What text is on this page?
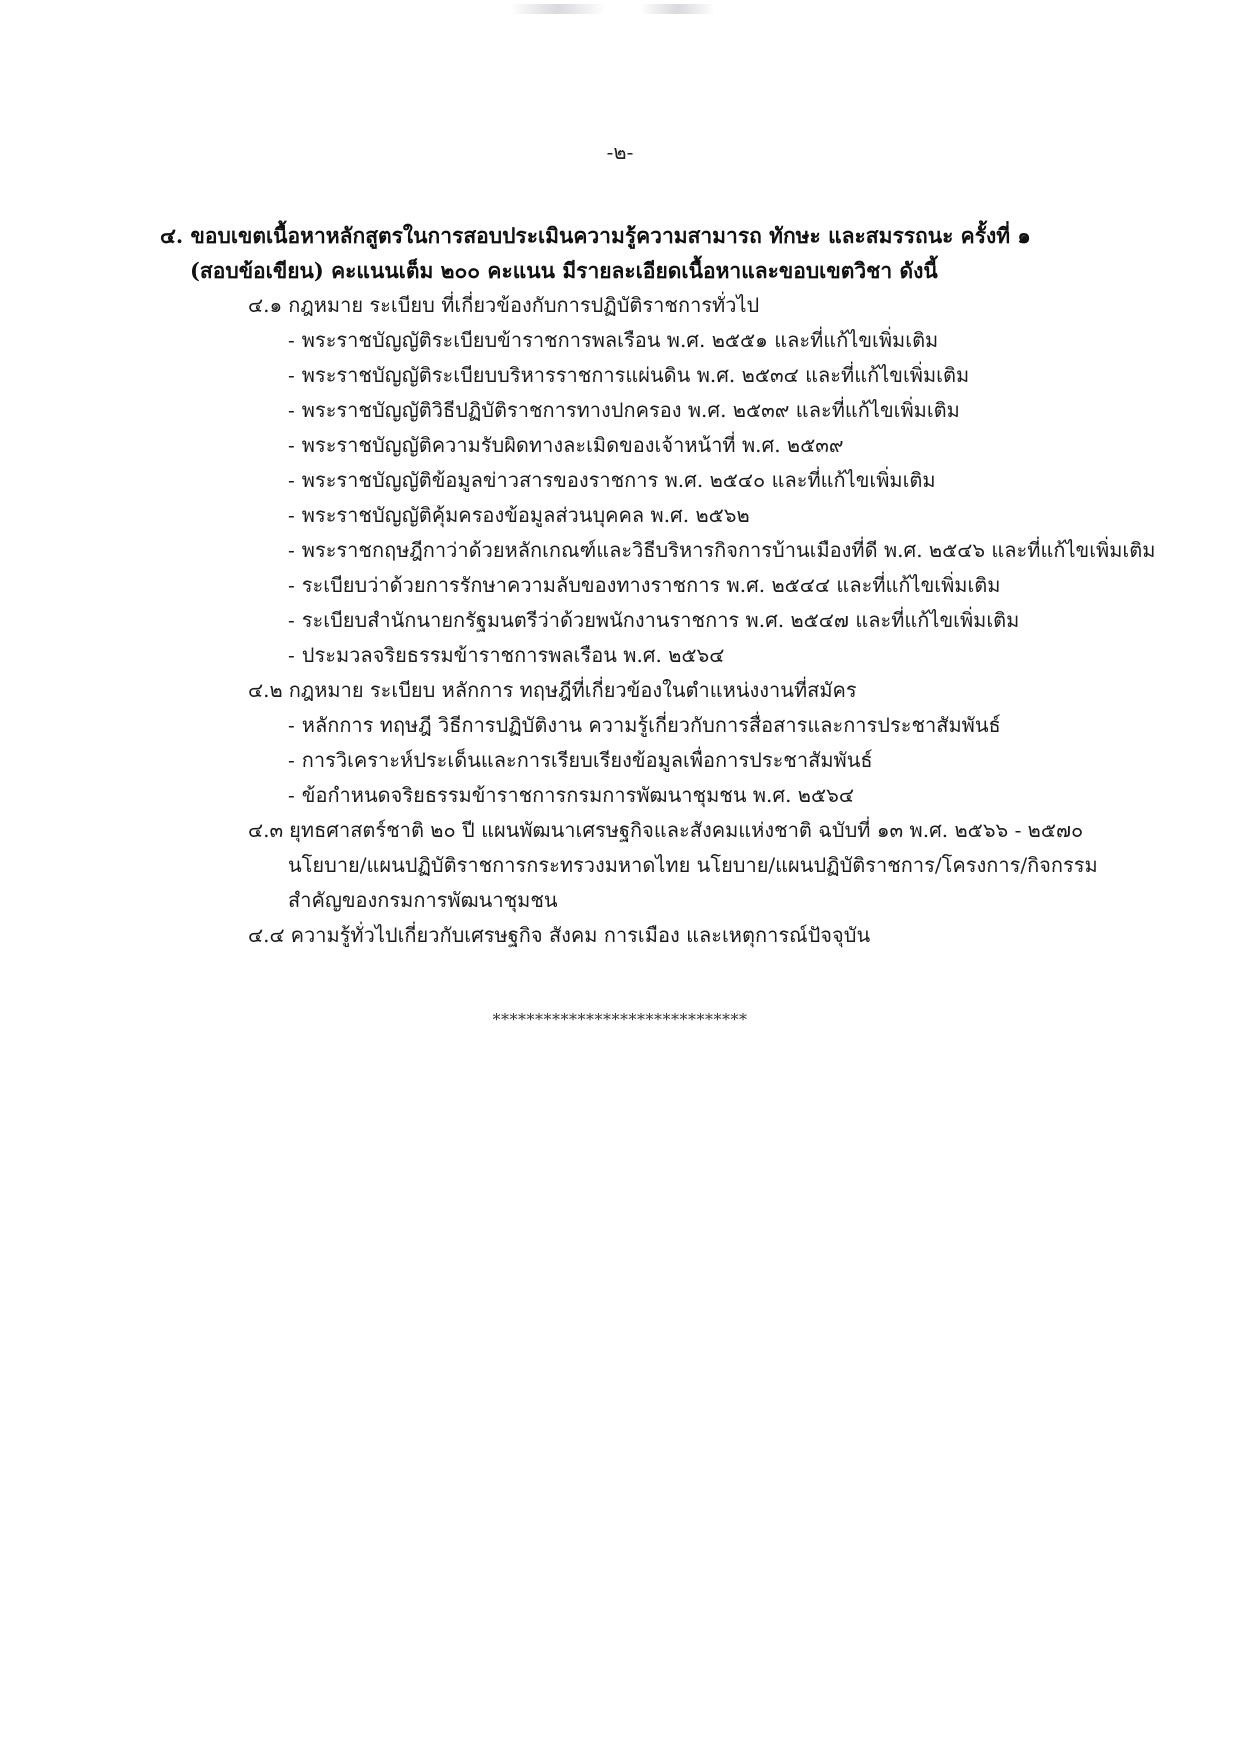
-๒-
๔. ขอบเขตเนื้อหาหลักสูตรในการสอบประเมินความรู้ความสามารถ ทักษะ และสมรรถนะ ครั้งที่ ๑
(สอบข้อเขียน) คะแนนเต็ม ๒๐๐ คะแนน มีรายละเอียดเนื้อหาและขอบเขตวิชา ดังนี้
๔.๑ กฎหมาย ระเบียบ ที่เกี่ยวข้องกับการปฏิบัติราชการทั่วไป
- พระราชบัญญัติระเบียบข้าราชการพลเรือน พ.ศ. ๒๕๕๑ และที่แก้ไขเพิ่มเติม
- พระราชบัญญัติระเบียบบริหารราชการแผ่นดิน พ.ศ. ๒๕๓๔ และที่แก้ไขเพิ่มเติม
- พระราชบัญญัติวิธีปฏิบัติราชการทางปกครอง พ.ศ. ๒๕๓๙ และที่แก้ไขเพิ่มเติม
- พระราชบัญญัติความรับผิดทางละเมิดของเจ้าหน้าที่ พ.ศ. ๒๕๓๙
- พระราชบัญญัติข้อมูลข่าวสารของราชการ พ.ศ. ๒๕๔๐ และที่แก้ไขเพิ่มเติม
- พระราชบัญญัติคุ้มครองข้อมูลส่วนบุคคล พ.ศ. ๒๕๖๒
- พระราชกฤษฎีกาว่าด้วยหลักเกณฑ์และวิธีบริหารกิจการบ้านเมืองที่ดี พ.ศ. ๒๕๔๖ และที่แก้ไขเพิ่มเติม
- ระเบียบว่าด้วยการรักษาความลับของทางราชการ พ.ศ. ๒๕๔๔ และที่แก้ไขเพิ่มเติม
- ระเบียบสำนักนายกรัฐมนตรีว่าด้วยพนักงานราชการ พ.ศ. ๒๕๔๗ และที่แก้ไขเพิ่มเติม
- ประมวลจริยธรรมข้าราชการพลเรือน พ.ศ. ๒๕๖๔
๔.๒ กฎหมาย ระเบียบ หลักการ ทฤษฎีที่เกี่ยวข้องในตำแหน่งงานที่สมัคร
- หลักการ ทฤษฎี วิธีการปฏิบัติงาน ความรู้เกี่ยวกับการสื่อสารและการประชาสัมพันธ์
- การวิเคราะห์ประเด็นและการเรียบเรียงข้อมูลเพื่อการประชาสัมพันธ์
- ข้อกำหนดจริยธรรมข้าราชการกรมการพัฒนาชุมชน พ.ศ. ๒๕๖๔
๔.๓ ยุทธศาสตร์ชาติ ๒๐ ปี แผนพัฒนาเศรษฐกิจและสังคมแห่งชาติ ฉบับที่ ๑๓ พ.ศ. ๒๕๖๖ - ๒๕๗๐
นโยบาย/แผนปฏิบัติราชการกระทรวงมหาดไทย นโยบาย/แผนปฏิบัติราชการ/โครงการ/กิจกรรม
สำคัญของกรมการพัฒนาชุมชน
๔.๔ ความรู้ทั่วไปเกี่ยวกับเศรษฐกิจ สังคม การเมือง และเหตุการณ์ปัจจุบัน
******************************
